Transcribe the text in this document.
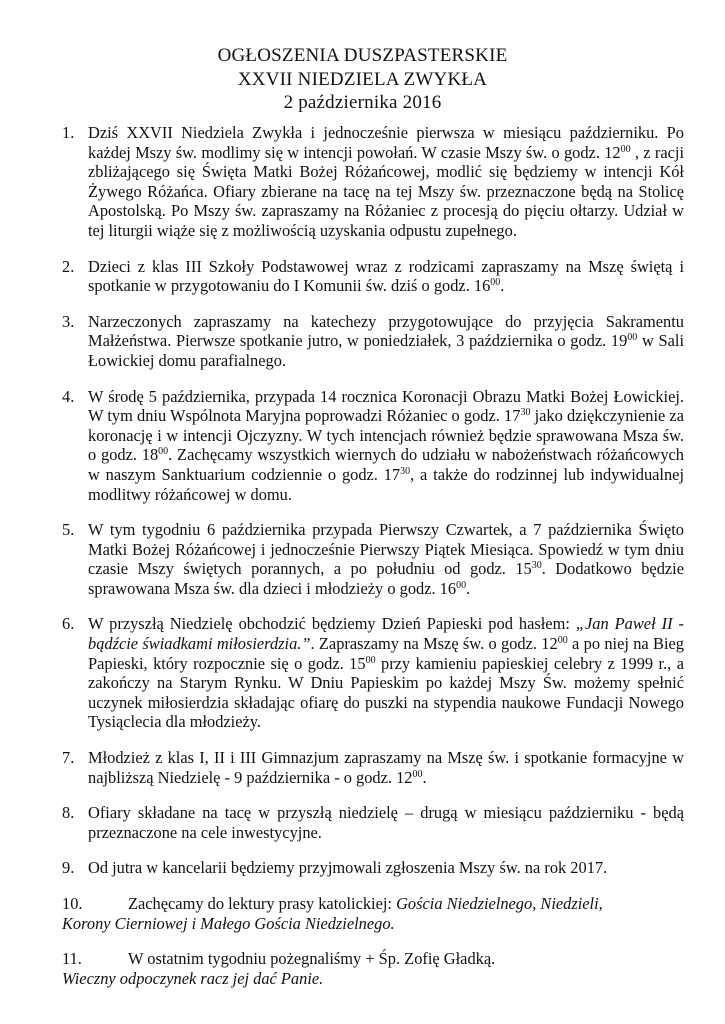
OGŁOSZENIA DUSZPASTERSKIE
XXVII NIEDZIELA ZWYKŁA
2 października 2016
1. Dziś XXVII Niedziela Zwykła i jednocześnie pierwsza w miesiącu październiku. Po każdej Mszy św. modlimy się w intencji powołań. W czasie Mszy św. o godz. $12^{00}$ , z racji zbliżającego się Święta Matki Bożej Różańcowej, modlić się będziemy w intencji Kół Żywego Różańca. Ofiary zbierane na tacę na tej Mszy św. przeznaczone będą na Stolicę Apostolską. Po Mszy św. zapraszamy na Różaniec z procesją do pięciu ołtarzy. Udział w tej liturgii wiąże się z możliwością uzyskania odpustu zupełnego.
2. Dzieci z klas III Szkoły Podstawowej wraz z rodzicami zapraszamy na Mszę świętą i spotkanie w przygotowaniu do I Komunii św. dziś o godz. $16^{00}$.
3. Narzeczonych zapraszamy na katechezy przygotowujące do przyjęcia Sakramentu Małżeństwa. Pierwsze spotkanie jutro, w poniedziałek, 3 października o godz. $19^{00}$ w Sali Łowickiej domu parafialnego.
4. W środę 5 października, przypada 14 rocznica Koronacji Obrazu Matki Bożej Łowickiej. W tym dniu Wspólnota Maryjna poprowadzi Różaniec o godz. $17^{30}$ jako dziękczynienie za koronację i w intencji Ojczyzny. W tych intencjach również będzie sprawowana Msza św. o godz. $18^{00}$. Zachęcamy wszystkich wiernych do udziału w nabożeństwach różańcowych w naszym Sanktuarium codziennie o godz. $17^{30}$, a także do rodzinnej lub indywidualnej modlitwy różańcowej w domu.
5. W tym tygodniu 6 października przypada Pierwszy Czwartek, a 7 października Święto Matki Bożej Różańcowej i jednocześnie Pierwszy Piątek Miesiąca. Spowiedź w tym dniu czasie Mszy świętych porannych, a po południu od godz. $15^{30}$. Dodatkowo będzie sprawowana Msza św. dla dzieci i młodzieży o godz. $16^{00}$.
6. W przyszłą Niedzielę obchodzić będziemy Dzień Papieski pod hasłem: „Jan Paweł II - bądźcie świadkami miłosierdzia.”. Zapraszamy na Mszę św. o godz. $12^{00}$ a po niej na Bieg Papieski, który rozpocznie się o godz. $15^{00}$ przy kamieniu papieskiej celebry z 1999 r., a zakończy na Starym Rynku. W Dniu Papieskim po każdej Mszy Św. możemy spełnić uczynek miłosierdzia składając ofiarę do puszki na stypendia naukowe Fundacji Nowego Tysiąclecia dla młodzieży.
7. Młodzież z klas I, II i III Gimnazjum zapraszamy na Mszę św. i spotkanie formacyjne w najbliższą Niedzielę - 9 października - o godz. $12^{00}$.
8. Ofiary składane na tacę w przyszłą niedzielę – drugą w miesiącu październiku - będą przeznaczone na cele inwestycyjne.
9. Od jutra w kancelarii będziemy przyjmowali zgłoszenia Mszy św. na rok 2017.
10.	Zachęcamy do lektury prasy katolickiej: Gościa Niedzielnego, Niedzieli,
Korony Cierniowej i Małego Gościa Niedzielnego.
11.	W ostatnim tygodniu pożegnaliśmy + Śp. Zofię Gładką.
Wieczny odpoczynek racz jej dać Panie.
